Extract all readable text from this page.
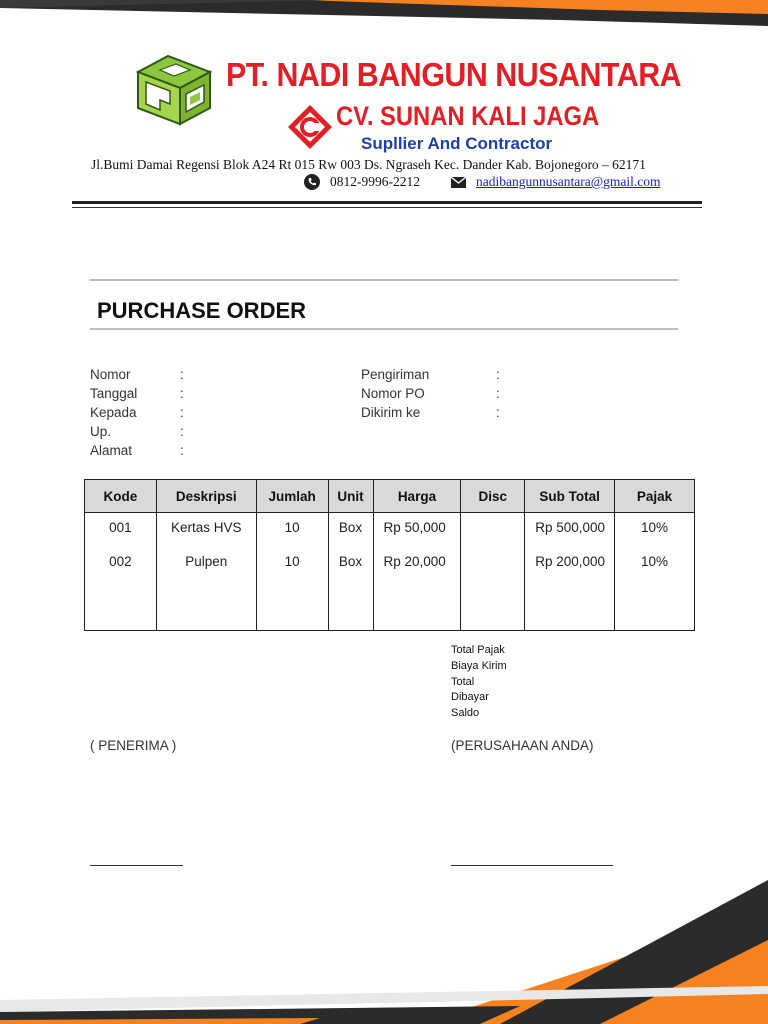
PT. NADI BANGUN NUSANTARA
CV. SUNAN KALI JAGA
Supllier And Contractor
Jl.Bumi Damai Regensi Blok A24 Rt 015 Rw 003 Ds. Ngraseh Kec. Dander Kab. Bojonegoro – 62171
0812-9996-2212	nadibangunnusantara@gmail.com
PURCHASE ORDER
Nomor	:
Tanggal	:
Kepada	:
Up.	:
Alamat	:
Pengiriman	:
Nomor PO	:
Dikirim ke	:
Kode	Deskripsi	Jumlah	Unit	Harga	Disc	Sub Total	Pajak
001	Kertas HVS	10	Box	Rp 50,000		Rp 500,000	10%
002	Pulpen	10	Box	Rp 20,000		Rp 200,000	10%

Total Pajak
Biaya Kirim
Total
Dibayar
Saldo
( PENERIMA )	(PERUSAHAAN ANDA)
